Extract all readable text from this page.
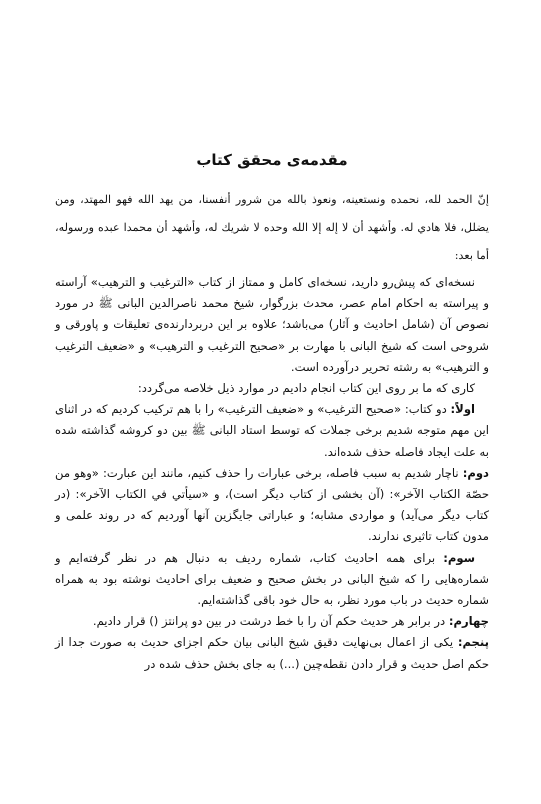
مقدمه‌ی محقق کتاب

إنّ الحمد لله، نحمده ونستعينه، ونعوذ بالله من شرور أنفسنا، من يهد الله فهو المهتد، ومن يضلل، فلا هادي له. وأشهد أن لا إله إلا الله وحده لا شريك له، وأشهد أن محمدا عبده ورسوله، أما بعد:

نسخه‌ای که پیش‌رو دارید، نسخه‌ای کامل و ممتاز از کتاب «الترغیب و الترهیب» آراسته و پیراسته به احکام امام عصر، محدث بزرگوار، شیخ محمد ناصرالدین البانی ﷺ در مورد نصوص آن (شامل احادیث و آثار) می‌باشد؛ علاوه بر این دربردارنده‌ی تعلیقات و پاورقی و شروحی است که شیخ البانی با مهارت بر «صحیح الترغیب و الترهیب» و «ضعیف الترغیب و الترهیب» به رشته تحریر درآورده است.

کاری که ما بر روی این کتاب انجام دادیم در موارد ذیل خلاصه می‌گردد:

اولاً: دو کتاب: «صحیح الترغیب» و «ضعیف الترغیب» را با هم ترکیب کردیم که در اثنای این مهم متوجه شدیم برخی جملات که توسط استاد البانی ﷺ بین دو کروشه گذاشته شده به علت ایجاد فاصله حذف شده‌اند.

دوم: ناچار شدیم به سبب فاصله، برخی عبارات را حذف کنیم، مانند این عبارت: «وهو من حصّة الكتاب الآخر»: (آن بخشی از کتاب دیگر است)، و «سیأتي في الكتاب الآخر»: (در کتاب دیگر می‌آید) و مواردی مشابه؛ و عباراتی جایگزین آنها آوردیم که در روند علمی و مدون کتاب تاثیری ندارند.

سوم: برای همه احادیث کتاب، شماره ردیف به دنبال هم در نظر گرفته‌ایم و شماره‌هایی را که شیخ البانی در بخش صحیح و ضعیف برای احادیث نوشته بود به همراه شماره حدیث در باب مورد نظر، به حال خود باقی گذاشته‌ایم.

چهارم: در برابر هر حدیث حکم آن را با خط درشت در بین دو پرانتز () قرار دادیم.

پنجم: یکی از اعمال بی‌نهایت دقیق شیخ البانی بیان حکم اجزای حدیث به صورت جدا از حکم اصل حدیث و قرار دادن نقطه‌چین (...) به جای بخش حذف شده در
